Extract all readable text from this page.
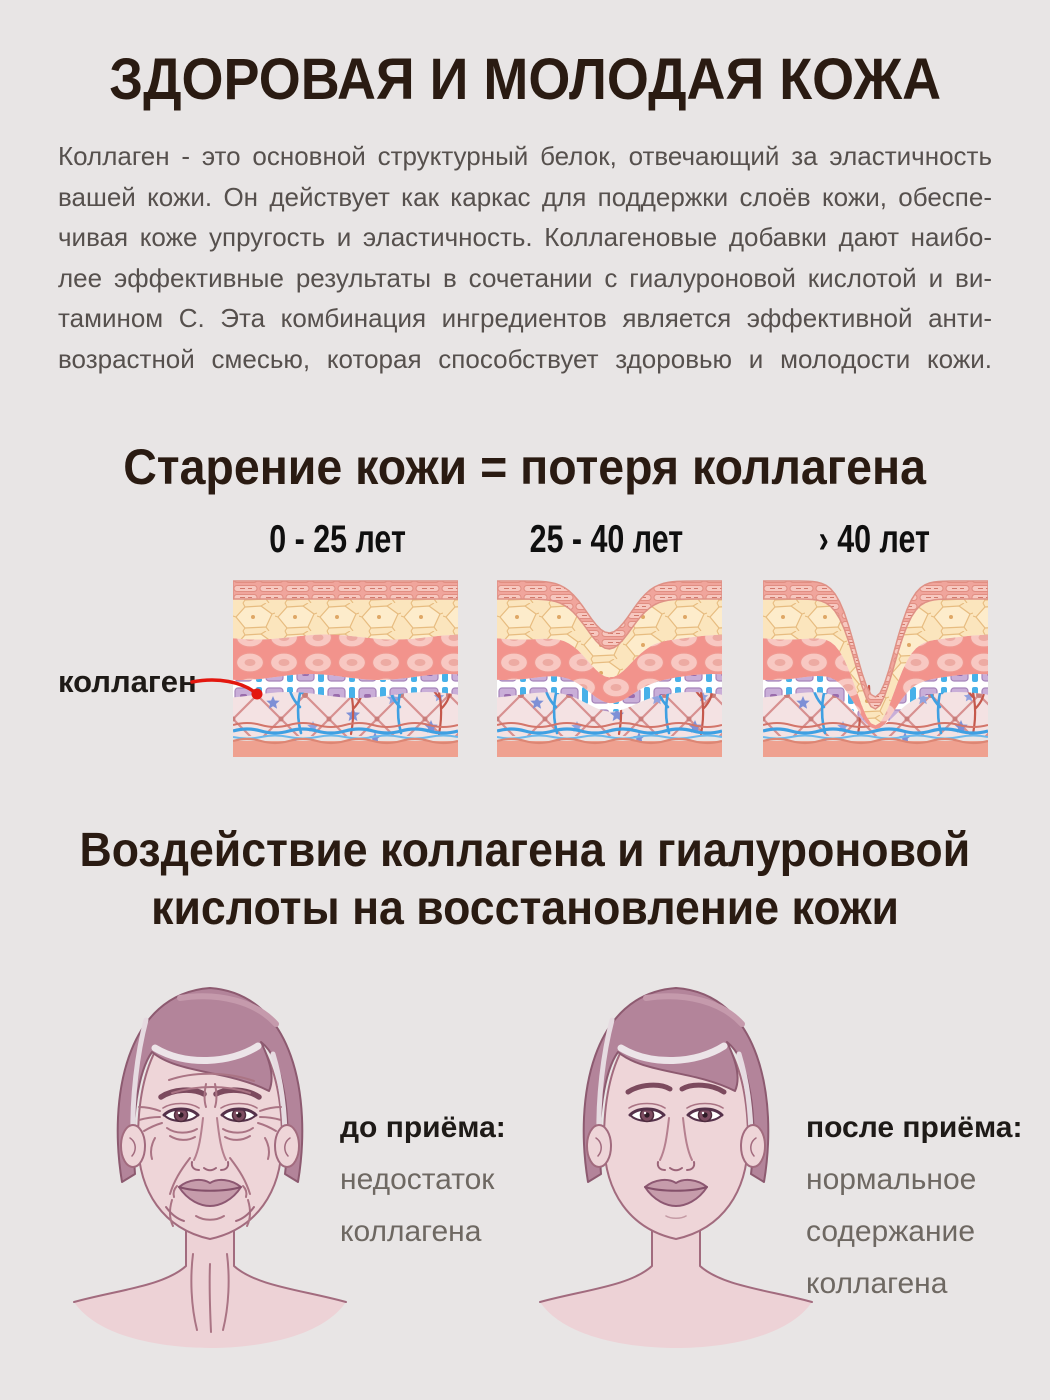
ЗДОРОВАЯ И МОЛОДАЯ КОЖА
Коллаген - это основной структурный белок, отвечающий за эластичность
вашей кожи. Он действует как каркас для поддержки слоёв кожи, обеспе-
чивая коже упругость и эластичность. Коллагеновые добавки дают наибо-
лее эффективные результаты в сочетании с гиалуроновой кислотой и ви-
тамином С. Эта комбинация ингредиентов является эффективной анти-
возрастной смесью, которая способствует здоровью и молодости кожи.
Старение кожи = потеря коллагена
0 - 25 лет	25 - 40 лет	› 40 лет
коллаген
Воздействие коллагена и гиалуроновой
кислоты на восстановление кожи
до приёма:
недостаток
коллагена
после приёма:
нормальное
содержание
коллагена
